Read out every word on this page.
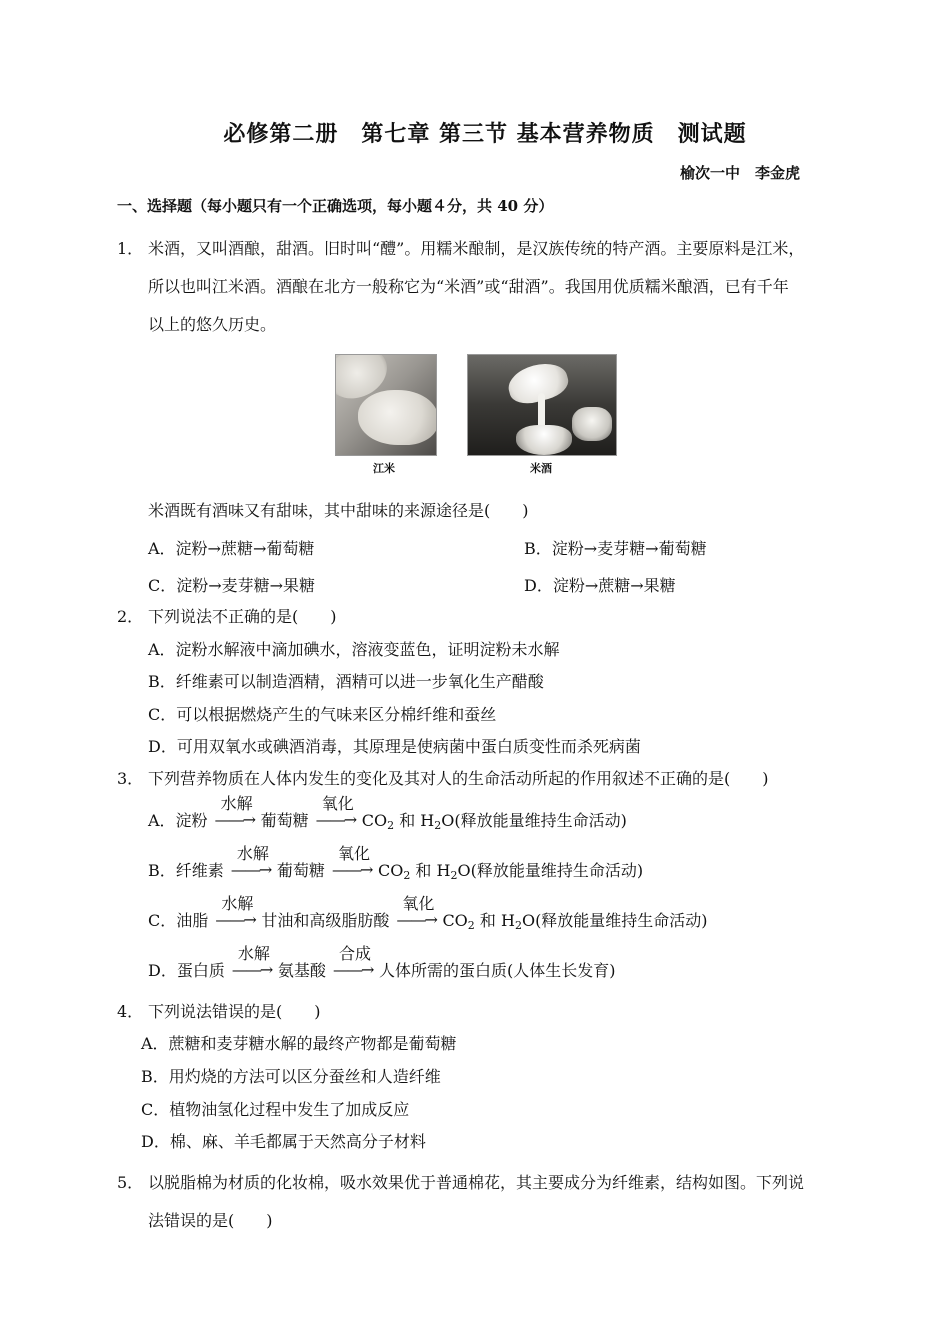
必修第二册　第七章 第三节 基本营养物质　测试题
榆次一中　李金虎
一、选择题（每小题只有一个正确选项，每小题４分，共 40 分）
1． 米酒，又叫酒酿，甜酒。旧时叫“醴”。用糯米酿制，是汉族传统的特产酒。主要原料是江米，
所以也叫江米酒。酒酿在北方一般称它为“米酒”或“甜酒”。我国用优质糯米酿酒，已有千年
以上的悠久历史。
江米	米酒
米酒既有酒味又有甜味，其中甜味的来源途径是(　　)
A．淀粉→蔗糖→葡萄糖	B．淀粉→麦芽糖→葡萄糖
C．淀粉→麦芽糖→果糖	D．淀粉→蔗糖→果糖
2． 下列说法不正确的是(　　)
A．淀粉水解液中滴加碘水，溶液变蓝色，证明淀粉未水解
B．纤维素可以制造酒精，酒精可以进一步氧化生产醋酸
C．可以根据燃烧产生的气味来区分棉纤维和蚕丝
D．可用双氧水或碘酒消毒，其原理是使病菌中蛋白质变性而杀死病菌
3． 下列营养物质在人体内发生的变化及其对人的生命活动所起的作用叙述不正确的是(　　)
A．淀粉
水解
——→ 葡萄糖
氧化
——→ $CO_2$ 和 $H_2O$(释放能量维持生命活动)
B．纤维素
水解
——→ 葡萄糖
氧化
——→ $CO_2$ 和 $H_2O$(释放能量维持生命活动)
C．油脂
水解
——→ 甘油和高级脂肪酸
氧化
——→ $CO_2$ 和 $H_2O$(释放能量维持生命活动)
D．蛋白质
水解
——→ 氨基酸
合成
——→ 人体所需的蛋白质(人体生长发育)
4． 下列说法错误的是(　　)
A．蔗糖和麦芽糖水解的最终产物都是葡萄糖
B．用灼烧的方法可以区分蚕丝和人造纤维
C．植物油氢化过程中发生了加成反应
D．棉、麻、羊毛都属于天然高分子材料
5． 以脱脂棉为材质的化妆棉，吸水效果优于普通棉花，其主要成分为纤维素，结构如图。下列说
法错误的是(　　)
